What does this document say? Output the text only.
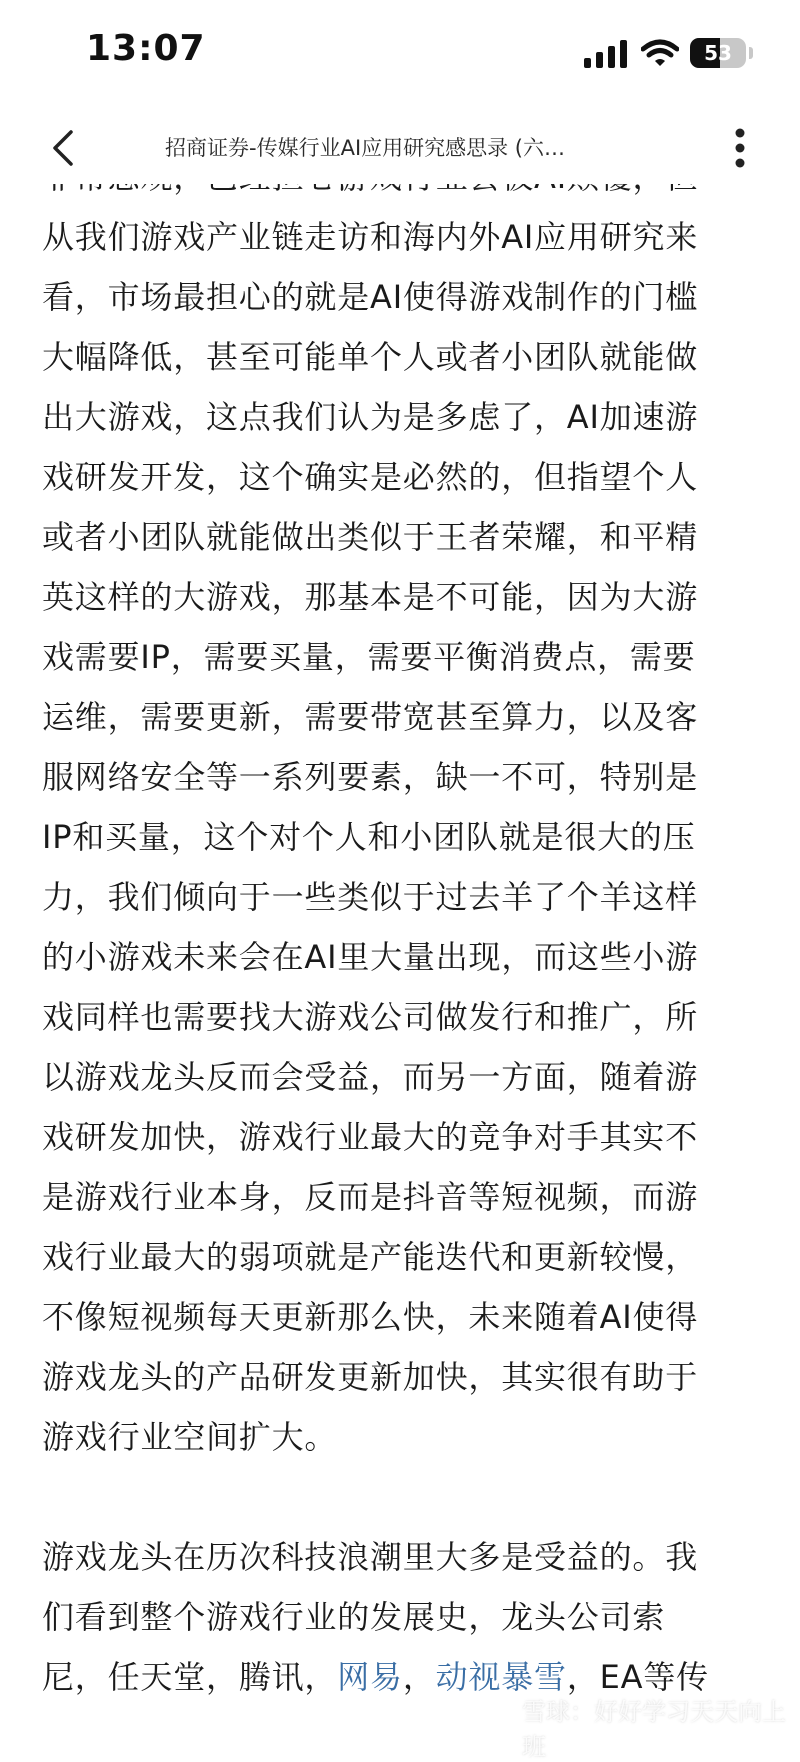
13:07	53
招商证券-传媒行业AI应用研究感思录 (六…

从我们游戏产业链走访和海内外AI应用研究来

看，市场最担心的就是AI使得游戏制作的门槛

大幅降低，甚至可能单个人或者小团队就能做

出大游戏，这点我们认为是多虑了，AI加速游

戏研发开发，这个确实是必然的，但指望个人

或者小团队就能做出类似于王者荣耀，和平精

英这样的大游戏，那基本是不可能，因为大游

戏需要IP，需要买量，需要平衡消费点，需要

运维，需要更新，需要带宽甚至算力，以及客

服网络安全等一系列要素，缺一不可，特别是

IP和买量，这个对个人和小团队就是很大的压

力，我们倾向于一些类似于过去羊了个羊这样

的小游戏未来会在AI里大量出现，而这些小游

戏同样也需要找大游戏公司做发行和推广，所

以游戏龙头反而会受益，而另一方面，随着游

戏研发加快，游戏行业最大的竞争对手其实不

是游戏行业本身，反而是抖音等短视频，而游

戏行业最大的弱项就是产能迭代和更新较慢，

不像短视频每天更新那么快，未来随着AI使得

游戏龙头的产品研发更新加快，其实很有助于

游戏行业空间扩大。

游戏龙头在历次科技浪潮里大多是受益的。我

们看到整个游戏行业的发展史，龙头公司索

尼，任天堂，腾讯，网易，动视暴雪，EA等传

雪球：好好学习天天向上班
